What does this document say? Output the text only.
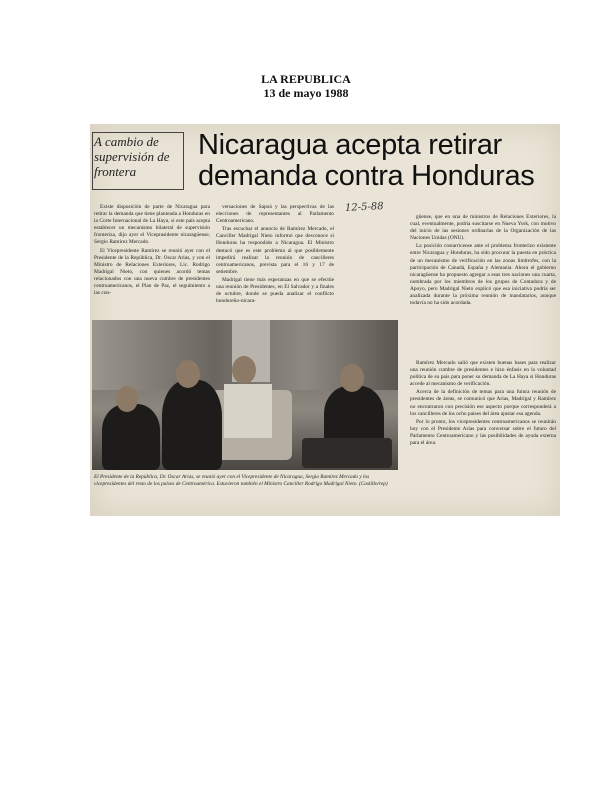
LA REPUBLICA
13 de mayo 1988
A cambio de supervisión de frontera
Nicaragua acepta retirar demanda contra Honduras
12-5-88

Existe disposición de parte de Nicaragua para retirar la demanda que tiene planteada a Honduras en la Corte Internacional de La Haya, si este país acepta establecer un mecanismo bilateral de supervisión fronteriza, dijo ayer el Viceprasidente nicaragüense, Sergio Ramírez Mercado.

El Vicepresidente Ramírez se reunió ayer con el Presidente de la República, Dr. Oscar Arias, y con el Ministro de Relaciones Exteriores, Lic. Rodrigo Madrigal Nieto, con quienes acordó temas relacionados con una nueva cumbre de presidentes centroamericanos, el Plan de Paz, el seguimiento a las con-

versaciones de Sapoá y las perspectivas de las elecciones de representantes al Parlamento Centroamericano.

Tras escuchar el anuncio de Ramírez Mercado, el Canciller Madrigal Nieto informó que desconoce si Honduras ha respondido a Nicaragua. El Ministro destacó que es este problema al que posiblemente impedirá realizar la reunión de cancilleres centroamericanos, prevista para el 16 y 17 de setiembre.

Madrigal tiene más esperanzas en que se efectúe una reunión de Presidentes, en El Salvador y a finales de octubre, donde se pueda analizar el conflicto hondureño-nicara-

güense, que en una de ministros de Relaciones Exteriores, la cual, eventualmente, podría suscitarse en Nueva York, con motivo del inicio de las sesiones ordinarias de la Organización de las Naciones Unidas (ONU).

La posición costarricense ante el problema fronterizo existente entre Nicaragua y Honduras, ha sido procurar la puesta en práctica de un mecanismo de verificación en las zonas limítrofes, con la participación de Canadá, España y Alemania. Ahora el gobierno nicaragüense ha propuesto agregar a esas tres naciones una cuarta, nombrada por los miembros de los grupos de Contadora y de Apoyo, pero Madrigal Nieto explicó que esa iniciativa podría ser analizada durante la próxima reunión de mandatarios, aunque todavía no ha sido acordada.

Ramírez Mercado salió que existen buenas bases para realizar una reunión cumbre de presidentes e hizo énfasis en la voluntad política de su país para poner su demanda de La Haya si Honduras accede al mecanismo de verificación.

Acerca de la definición de temas para una futura reunión de presidentes de áreas, se comunicó que Arias, Madrigal y Ramírez no encontraron con precisión ese aspecto porque corresponderá a los cancilleres de los ocho países del área ajustar esa agenda.

Por lo pronto, los vicepresidentes centroamericanos se reunirán hoy con el Presidente Arias para conversar sobre el futuro del Parlamento Centroamericano y las posibilidades de ayuda externa para el área.

El Presidente de la República, Dr. Oscar Arias, se reunió ayer con el Vicepresidente de Nicaragua, Sergio Ramírez Mercado y los vicepresidentes del resto de los países de Centroamérica. Estuvieron también el Ministro Canciller Rodrigo Madrigal Nieto. (Castillo/rep)
